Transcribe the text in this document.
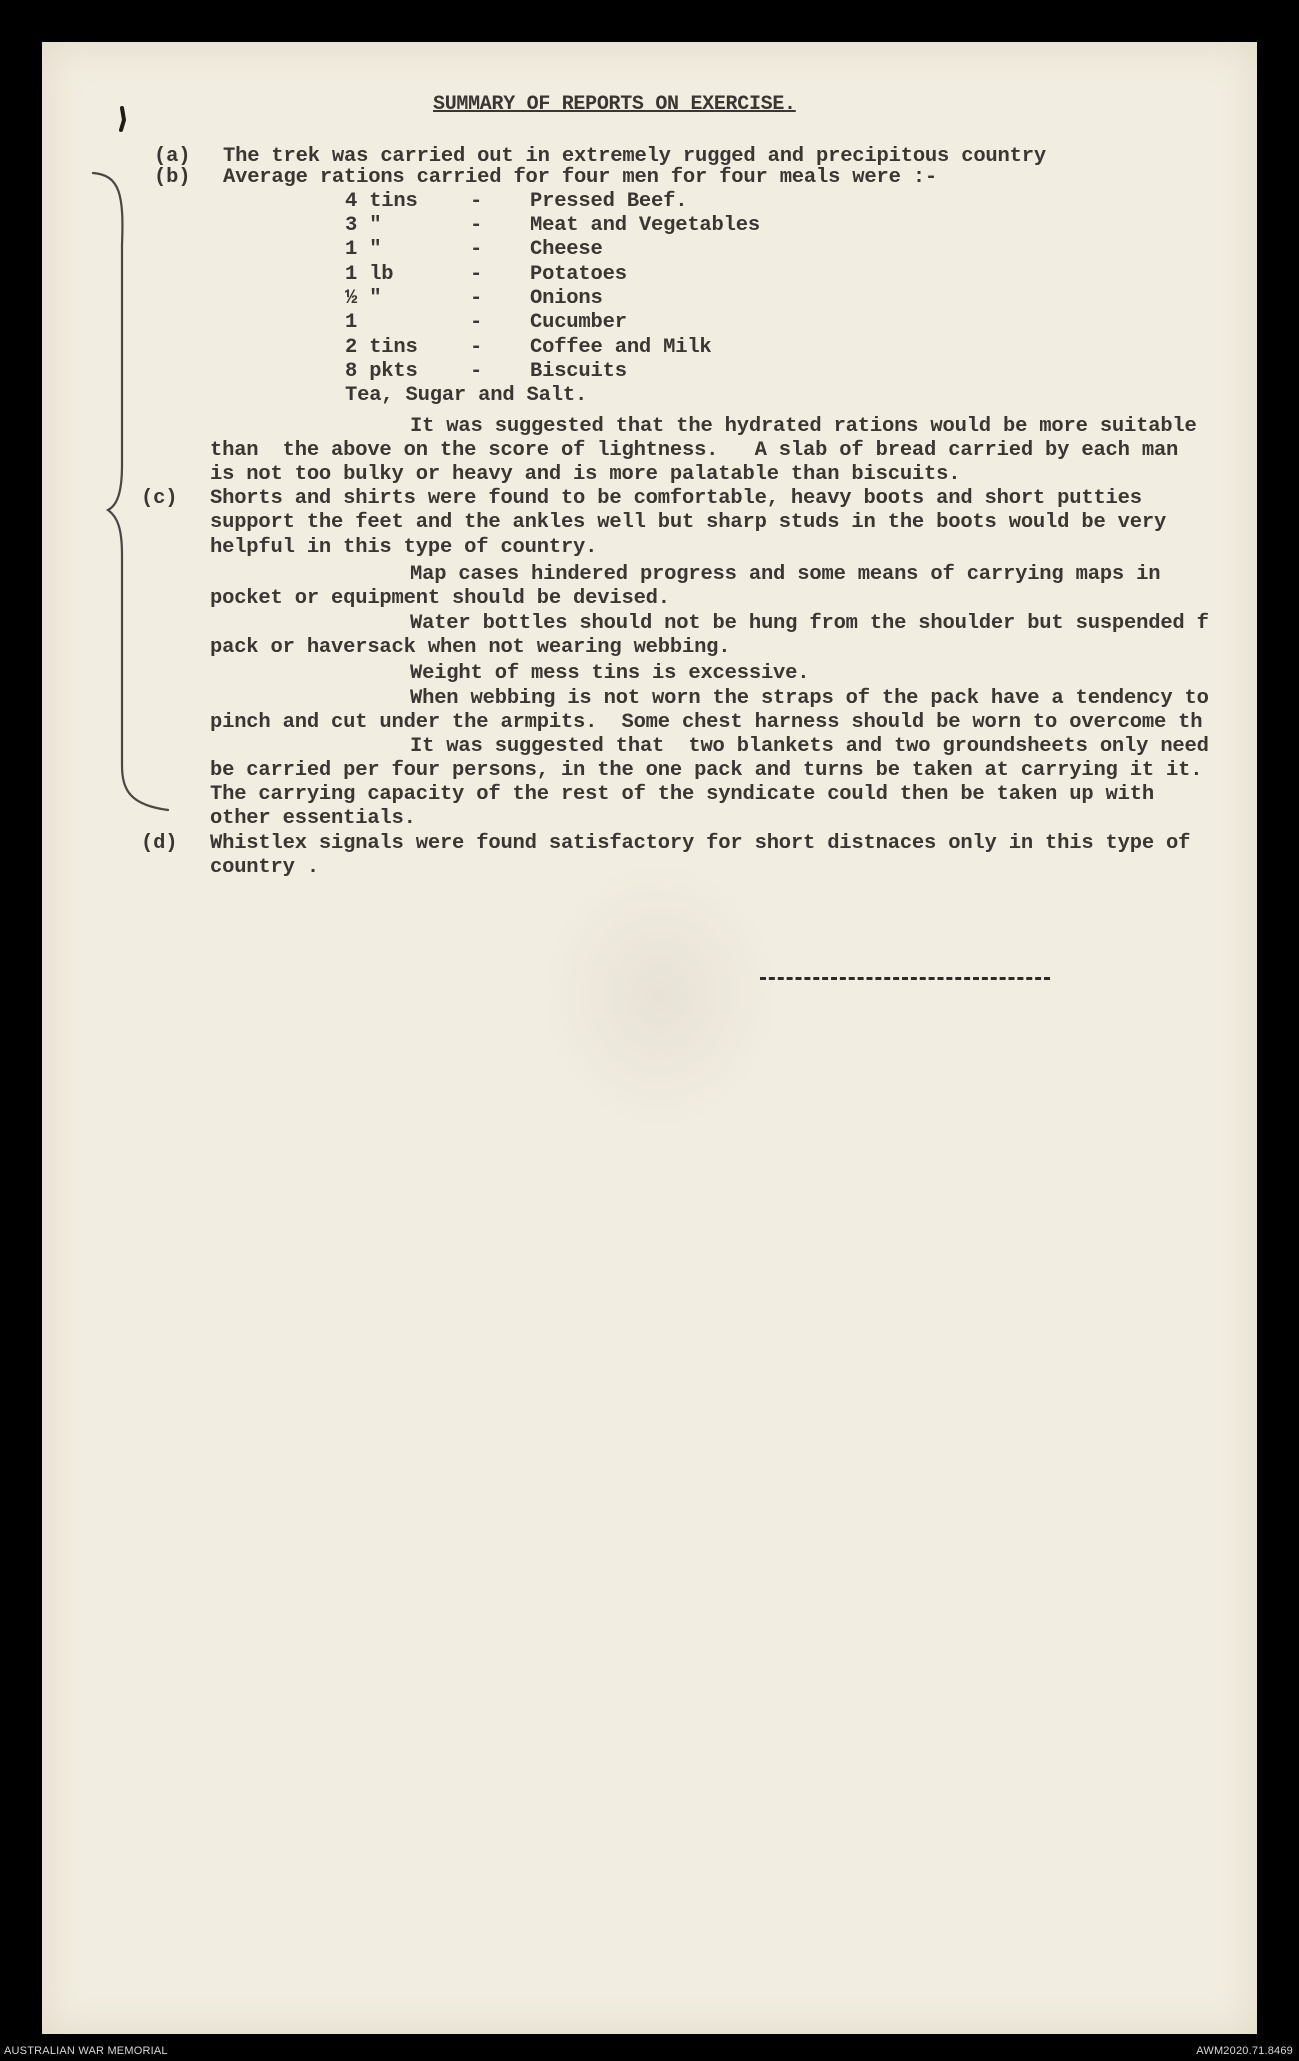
SUMMARY OF REPORTS ON EXERCISE.
(a) The trek was carried out in extremely rugged and precipitous country
(b) Average rations carried for four men for four meals were :-
4 tins	- Pressed Beef.
3 "	- Meat and Vegetables
1 "	- Cheese
1 lb	- Potatoes
½ "	- Onions
1	- Cucumber
2 tins	- Coffee and Milk
8 pkts	- Biscuits
Tea, Sugar and Salt.
It was suggested that the hydrated rations would be more suitable
than  the above on the score of lightness.   A slab of bread carried by each man
is not too bulky or heavy and is more palatable than biscuits.
(c) Shorts and shirts were found to be comfortable, heavy boots and short putties
support the feet and the ankles well but sharp studs in the boots would be very
helpful in this type of country.
Map cases hindered progress and some means of carrying maps in
pocket or equipment should be devised.
Water bottles should not be hung from the shoulder but suspended f
pack or haversack when not wearing webbing.
Weight of mess tins is excessive.
When webbing is not worn the straps of the pack have a tendency to
pinch and cut under the armpits.  Some chest harness should be worn to overcome th
It was suggested that  two blankets and two groundsheets only need
be carried per four persons, in the one pack and turns be taken at carrying it it.
The carrying capacity of the rest of the syndicate could then be taken up with
other essentials.
(d) Whistlex signals were found satisfactory for short distnaces only in this type of
country .
AUSTRALIAN WAR MEMORIAL	AWM2020.71.8469
